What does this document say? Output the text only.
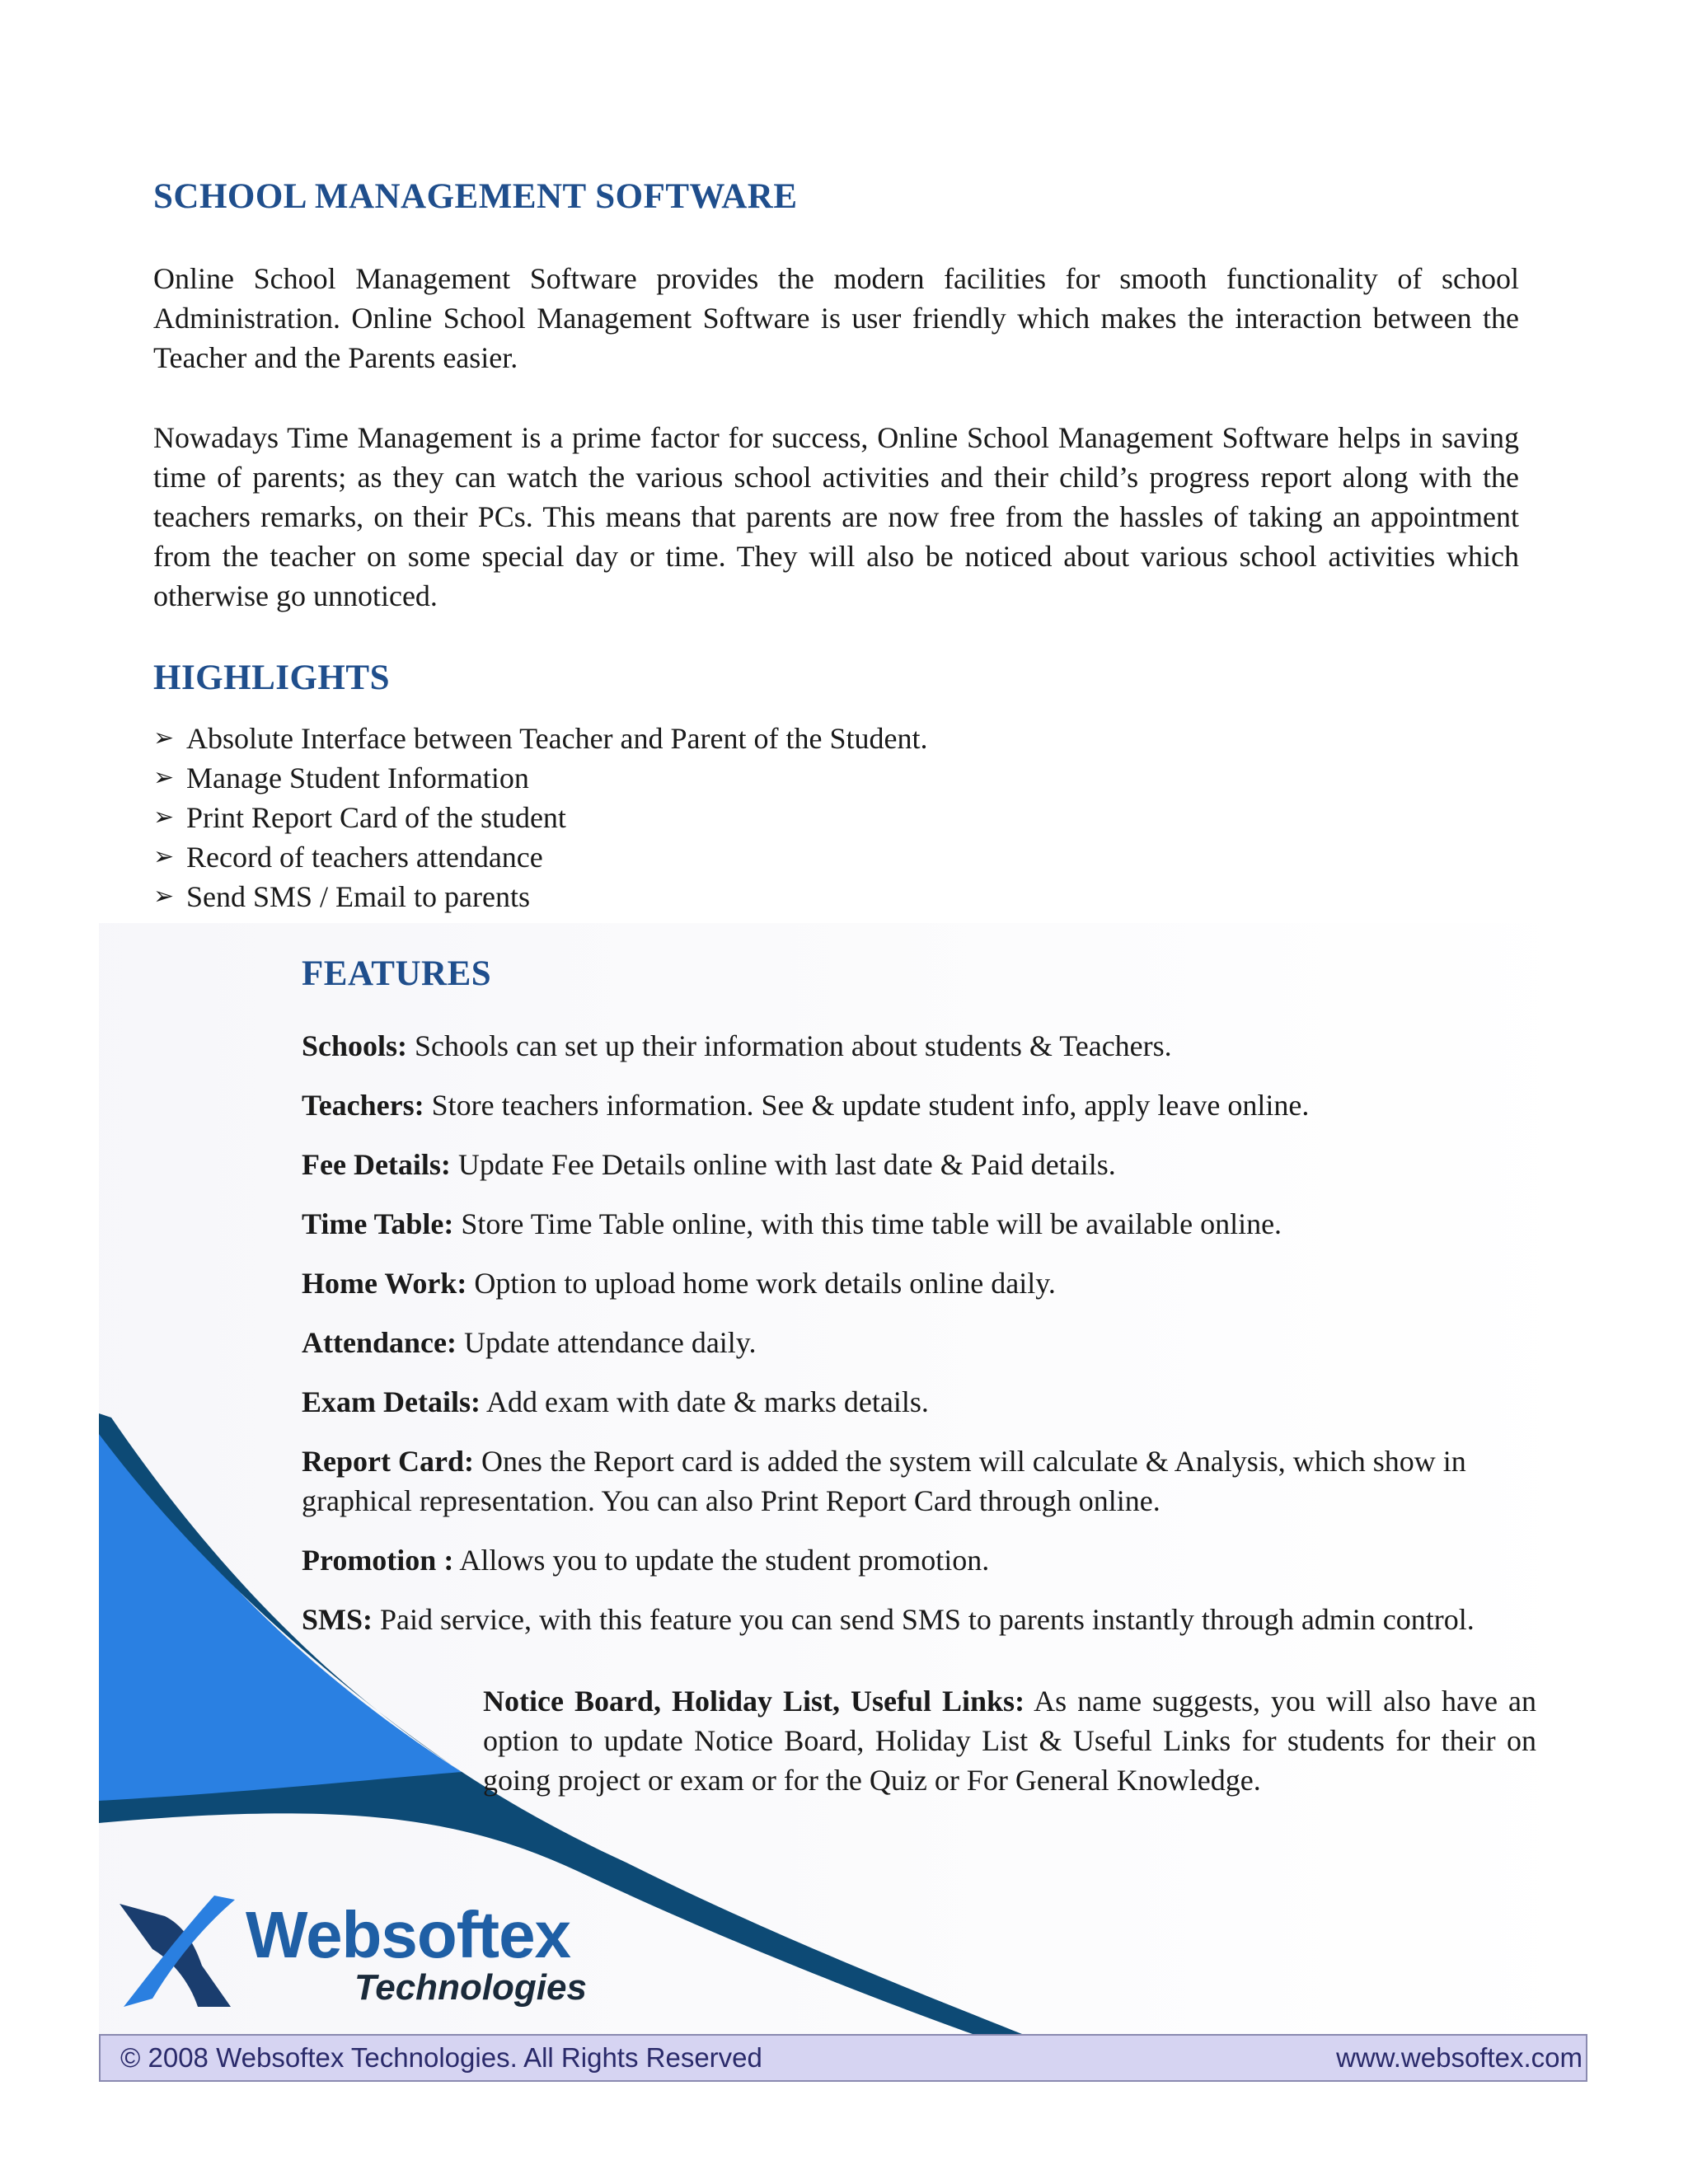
SCHOOL MANAGEMENT SOFTWARE

Online School Management Software provides the modern facilities for smooth functionality of school Administration. Online School Management Software is user friendly which makes the interaction between the Teacher and the Parents easier.

Nowadays Time Management is a prime factor for success, Online School Management Software helps in saving time of parents; as they can watch the various school activities and their child’s progress report along with the teachers remarks, on their PCs. This means that parents are now free from the hassles of taking an appointment from the teacher on some special day or time. They will also be noticed about various school activities which otherwise go unnoticed.

HIGHLIGHTS
➢ Absolute Interface between Teacher and Parent of the Student.
➢ Manage Student Information
➢ Print Report Card of the student
➢ Record of teachers attendance
➢ Send SMS / Email to parents
FEATURES

Schools: Schools can set up their information about students & Teachers.

Teachers: Store teachers information. See & update student info, apply leave online.

Fee Details: Update Fee Details online with last date & Paid details.

Time Table: Store Time Table online, with this time table will be available online.

Home Work: Option to upload home work details online daily.

Attendance: Update attendance daily.

Exam Details: Add exam with date & marks details.

Report Card: Ones the Report card is added the system will calculate & Analysis, which show in graphical representation. You can also Print Report Card through online.

Promotion : Allows you to update the student promotion.

SMS: Paid service, with this feature you can send SMS to parents instantly through admin control.

Notice Board, Holiday List, Useful Links: As name suggests, you will also have an option to update Notice Board, Holiday List & Useful Links for students for their on going project or exam or for the Quiz or For General Knowledge.

Websoftex
Technologies
© 2008 Websoftex Technologies. All Rights Reserved	www.websoftex.com
